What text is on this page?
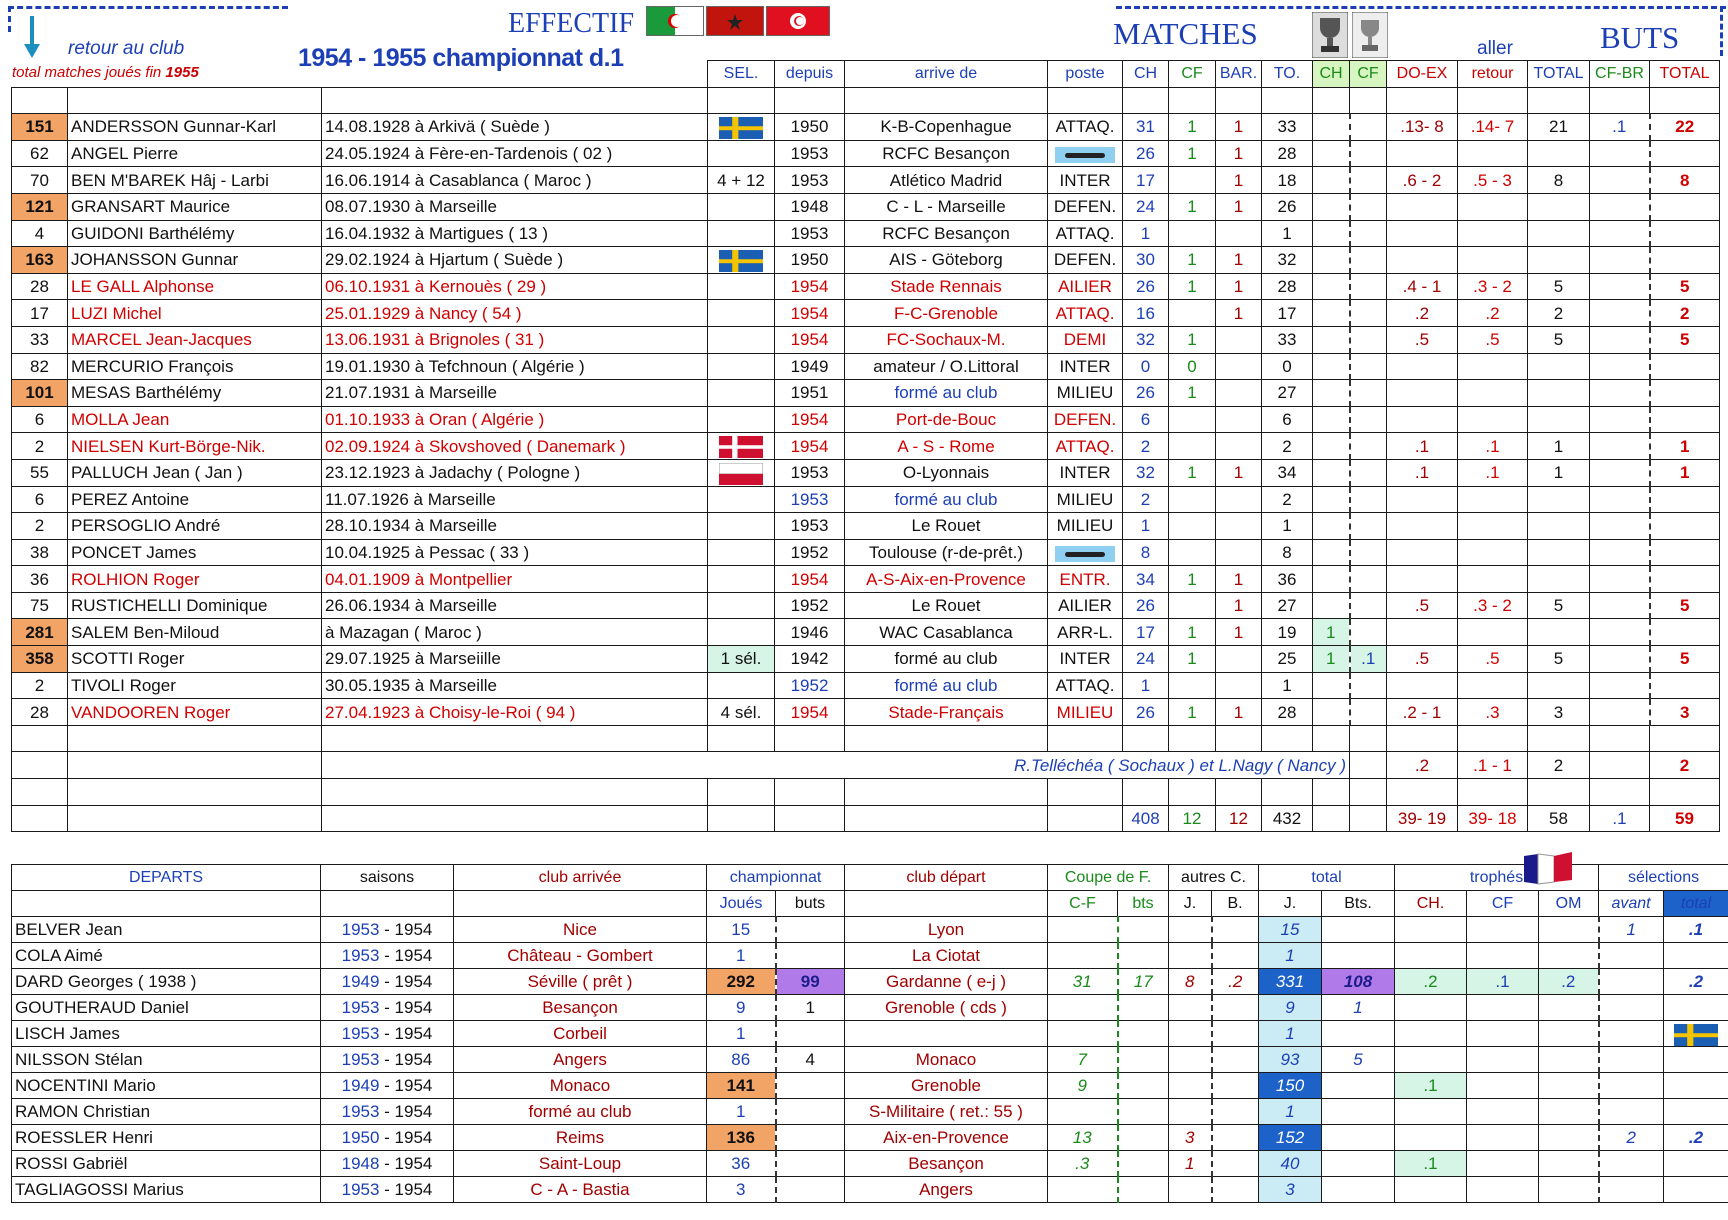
retour au club
total matches joués fin 1955
EFFECTIF
1954 - 1955 championnat d.1
MATCHES	aller	BUTS
			SEL.	depuis	arrive de	poste	CH	CF	BAR.	TO.	CH	CF	DO-EX	retour	TOTAL	CF-BR	TOTAL

151	ANDERSSON Gunnar-Karl	14.08.1928 à Arkivä ( Suède )		1950	K-B-Copenhague	ATTAQ.	31	1	1	33			.13- 8	.14- 7	21	.1	22
62	ANGEL Pierre	24.05.1924 à Fère-en-Tardenois ( 02 )		1953	RCFC Besançon		26	1	1	28							
70	BEN M'BAREK Hâj - Larbi	16.06.1914 à Casablanca ( Maroc )	4 + 12	1953	Atlético Madrid	INTER	17		1	18			.6 - 2	.5 - 3	8		8
121	GRANSART Maurice	08.07.1930 à Marseille		1948	C - L - Marseille	DEFEN.	24	1	1	26							
4	GUIDONI Barthélémy	16.04.1932 à Martigues ( 13 )		1953	RCFC Besançon	ATTAQ.	1			1							
163	JOHANSSON Gunnar	29.02.1924 à Hjartum ( Suède )		1950	AIS - Göteborg	DEFEN.	30	1	1	32							
28	LE GALL Alphonse	06.10.1931 à Kernouès ( 29 )		1954	Stade Rennais	AILIER	26	1	1	28			.4 - 1	.3 - 2	5		5
17	LUZI Michel	25.01.1929 à Nancy ( 54 )		1954	F-C-Grenoble	ATTAQ.	16		1	17			.2	.2	2		2
33	MARCEL Jean-Jacques	13.06.1931 à Brignoles ( 31 )		1954	FC-Sochaux-M.	DEMI	32	1		33			.5	.5	5		5
82	MERCURIO François	19.01.1930 à Tefchnoun ( Algérie )		1949	amateur / O.Littoral	INTER	0	0		0							
101	MESAS Barthélémy	21.07.1931 à Marseille		1951	formé au club	MILIEU	26	1		27							
6	MOLLA Jean	01.10.1933 à Oran ( Algérie )		1954	Port-de-Bouc	DEFEN.	6			6							
2	NIELSEN Kurt-Börge-Nik.	02.09.1924 à Skovshoved ( Danemark )		1954	A - S - Rome	ATTAQ.	2			2			.1	.1	1		1
55	PALLUCH Jean ( Jan )	23.12.1923 à Jadachy ( Pologne )		1953	O-Lyonnais	INTER	32	1	1	34			.1	.1	1		1
6	PEREZ Antoine	11.07.1926 à Marseille		1953	formé au club	MILIEU	2			2							
2	PERSOGLIO André	28.10.1934 à Marseille		1953	Le Rouet	MILIEU	1			1							
38	PONCET James	10.04.1925 à Pessac ( 33 )		1952	Toulouse (r-de-prêt.)		8			8							
36	ROLHION Roger	04.01.1909 à Montpellier		1954	A-S-Aix-en-Provence	ENTR.	34	1	1	36							
75	RUSTICHELLI Dominique	26.06.1934 à Marseille		1952	Le Rouet	AILIER	26		1	27			.5	.3 - 2	5		5
281	SALEM Ben-Miloud	à Mazagan ( Maroc )		1946	WAC Casablanca	ARR-L.	17	1	1	19	1						
358	SCOTTI Roger	29.07.1925 à Marseiille	1 sél.	1942	formé au club	INTER	24	1		25	1	.1	.5	.5	5		5
2	TIVOLI Roger	30.05.1935 à Marseille		1952	formé au club	ATTAQ.	1			1							
28	VANDOOREN Roger	27.04.1923 à Choisy-le-Roi ( 94 )	4 sél.	1954	Stade-Français	MILIEU	26	1	1	28			.2 - 1	.3	3		3

		R.Telléchéa ( Sochaux ) et L.Nagy ( Nancy )											.2	.1 - 1	2		2

							408	12	12	432			39- 19	39- 18	58	.1	59
DEPARTS	saisons	club arrivée	championnat		club départ	Coupe de F.		autres C.		total		trophés			sélections	
			Joués	buts		C-F	bts	J.	B.	J.	Bts.	CH.	CF	OM	avant	total
BELVER Jean	1953 - 1954	Nice	15		Lyon					15					1	.1
COLA Aimé	1953 - 1954	Château - Gombert	1		La Ciotat					1						
DARD Georges ( 1938 )	1949 - 1954	Séville ( prêt )	292	99	Gardanne ( e-j )	31	17	8	.2	331	108	.2	.1	.2		.2
GOUTHERAUD Daniel	1953 - 1954	Besançon	9	1	Grenoble ( cds )					9	1					
LISCH James	1953 - 1954	Corbeil	1							1						
NILSSON Stélan	1953 - 1954	Angers	86	4	Monaco	7				93	5					
NOCENTINI Mario	1949 - 1954	Monaco	141		Grenoble	9				150		.1				
RAMON Christian	1953 - 1954	formé au club	1		S-Militaire ( ret.: 55 )					1						
ROESSLER Henri	1950 - 1954	Reims	136		Aix-en-Provence	13		3		152					2	.2
ROSSI Gabriël	1948 - 1954	Saint-Loup	36		Besançon	.3		1		40		.1				
TAGLIAGOSSI Marius	1953 - 1954	C - A - Bastia	3		Angers					3						
